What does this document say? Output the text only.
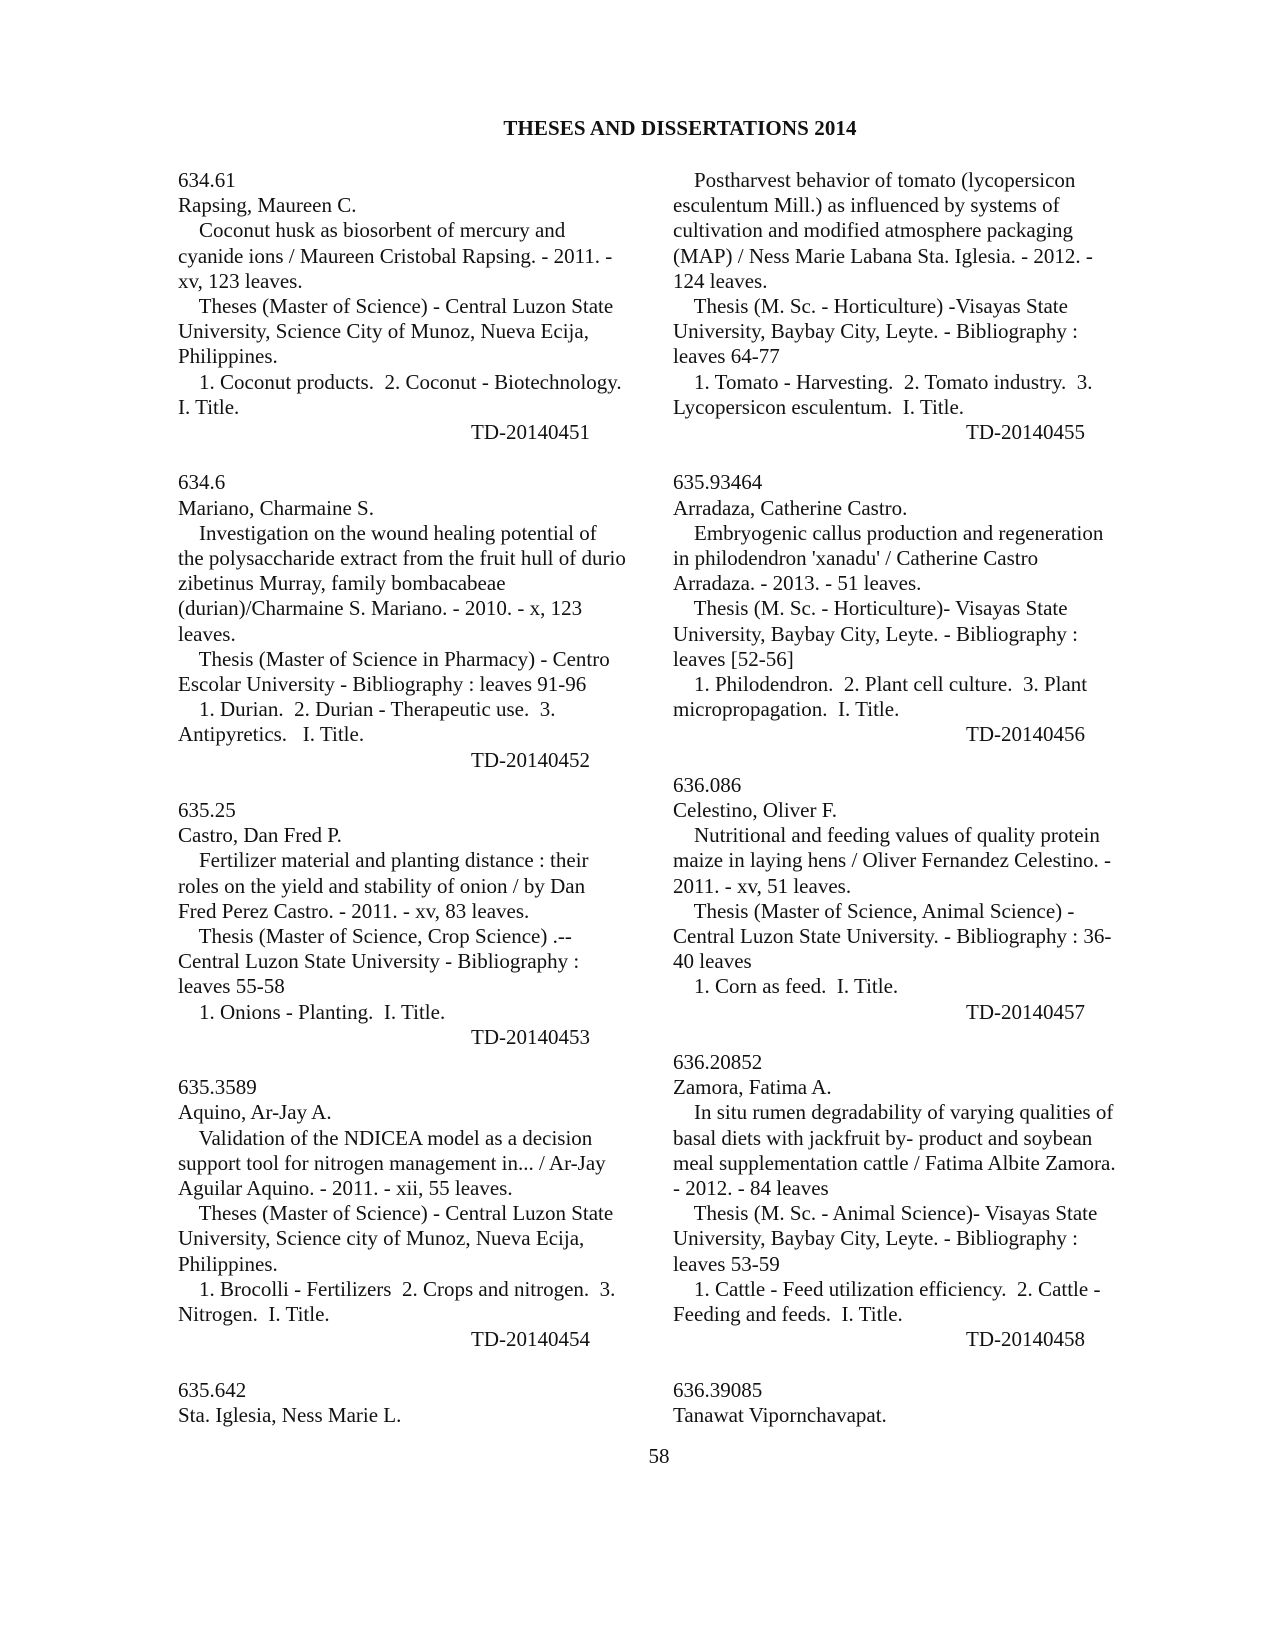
THESES AND DISSERTATIONS 2014
634.61
Rapsing, Maureen C.
Coconut husk as biosorbent of mercury and
cyanide ions / Maureen Cristobal Rapsing. - 2011. -
xv, 123 leaves.
Theses (Master of Science) - Central Luzon State
University, Science City of Munoz, Nueva Ecija,
Philippines.
1. Coconut products.  2. Coconut - Biotechnology.
I. Title.
TD-20140451
634.6
Mariano, Charmaine S.
Investigation on the wound healing potential of
the polysaccharide extract from the fruit hull of durio
zibetinus Murray, family bombacabeae
(durian)/Charmaine S. Mariano. - 2010. - x, 123
leaves.
Thesis (Master of Science in Pharmacy) - Centro
Escolar University - Bibliography : leaves 91-96
1. Durian.  2. Durian - Therapeutic use.  3.
Antipyretics.   I. Title.
TD-20140452
635.25
Castro, Dan Fred P.
Fertilizer material and planting distance : their
roles on the yield and stability of onion / by Dan
Fred Perez Castro. - 2011. - xv, 83 leaves.
Thesis (Master of Science, Crop Science) .--
Central Luzon State University - Bibliography :
leaves 55-58
1. Onions - Planting.  I. Title.
TD-20140453
635.3589
Aquino, Ar-Jay A.
Validation of the NDICEA model as a decision
support tool for nitrogen management in... / Ar-Jay
Aguilar Aquino. - 2011. - xii, 55 leaves.
Theses (Master of Science) - Central Luzon State
University, Science city of Munoz, Nueva Ecija,
Philippines.
1. Brocolli - Fertilizers  2. Crops and nitrogen.  3.
Nitrogen.  I. Title.
TD-20140454
635.642
Sta. Iglesia, Ness Marie L.
Postharvest behavior of tomato (lycopersicon
esculentum Mill.) as influenced by systems of
cultivation and modified atmosphere packaging
(MAP) / Ness Marie Labana Sta. Iglesia. - 2012. -
124 leaves.
Thesis (M. Sc. - Horticulture) -Visayas State
University, Baybay City, Leyte. - Bibliography :
leaves 64-77
1. Tomato - Harvesting.  2. Tomato industry.  3.
Lycopersicon esculentum.  I. Title.
TD-20140455
635.93464
Arradaza, Catherine Castro.
Embryogenic callus production and regeneration
in philodendron 'xanadu' / Catherine Castro
Arradaza. - 2013. - 51 leaves.
Thesis (M. Sc. - Horticulture)- Visayas State
University, Baybay City, Leyte. - Bibliography :
leaves [52-56]
1. Philodendron.  2. Plant cell culture.  3. Plant
micropropagation.  I. Title.
TD-20140456
636.086
Celestino, Oliver F.
Nutritional and feeding values of quality protein
maize in laying hens / Oliver Fernandez Celestino. -
2011. - xv, 51 leaves.
Thesis (Master of Science, Animal Science) -
Central Luzon State University. - Bibliography : 36-
40 leaves
1. Corn as feed.  I. Title.
TD-20140457
636.20852
Zamora, Fatima A.
In situ rumen degradability of varying qualities of
basal diets with jackfruit by- product and soybean
meal supplementation cattle / Fatima Albite Zamora.
- 2012. - 84 leaves
Thesis (M. Sc. - Animal Science)- Visayas State
University, Baybay City, Leyte. - Bibliography :
leaves 53-59
1. Cattle - Feed utilization efficiency.  2. Cattle -
Feeding and feeds.  I. Title.
TD-20140458
636.39085
Tanawat Vipornchavapat.
58
